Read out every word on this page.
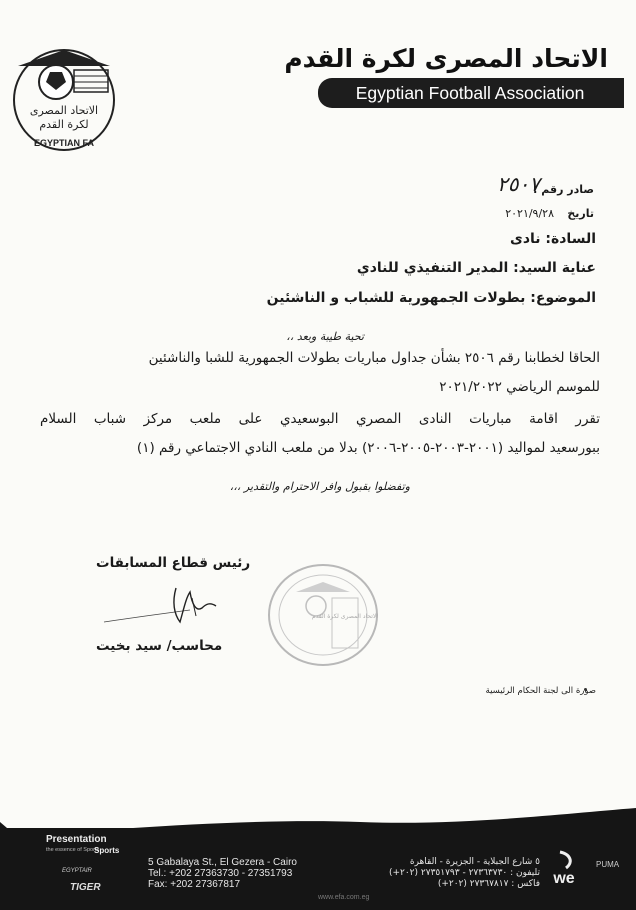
الاتحاد المصرى
لكرة القدم
EGYPTIAN FA
الاتحاد المصرى لكرة القدم
Egyptian Football Association
صادر رقم :
٢٥٠٧
تاريخ
٢٠٢١/٩/٢٨
السادة: نادى
عناية السيد: المدير التنفيذي للنادي
الموضوع: بطولات الجمهورية للشباب و الناشئين
تحية طيبة وبعد ،،
الحاقا لخطابنا رقم ٢٥٠٦ بشأن جداول مباريات بطولات الجمهورية للشبا والناشئين
للموسم الرياضي ٢٠٢١/٢٠٢٢
تقرر اقامة مباريات النادى المصري البوسعيدي على ملعب مركز شباب السلام
ببورسعيد لمواليد (٢٠٠١-٢٠٠٣-٢٠٠٥-٢٠٠٦) بدلا من ملعب النادي الاجتماعي رقم (١)
وتفضلوا بقبول وافر الاحترام والتقدير ،،،
رئيس قطاع المسابقات
محاسب/ سيد بخيت
الاتحاد المصرى لكرة القدم
صورة الى لجنة الحكام الرئيسية
Presentation
the essence of Sports
Sports
EGYPTAIR
TIGER
5 Gabalaya St., El Gezera - Cairo
Tel.: +202 27363730 - 27351793
Fax: +202 27367817
٥ شارع الجبلاية - الجزيرة - القاهرة
تليفون : ٢٧٣٦٣٧٣٠ - ٢٧٣٥١٧٩٣ (٢٠٢+)
فاكس : ٢٧٣٦٧٨١٧ (٢٠٢+)
www.efa.com.eg
we
PUMA
